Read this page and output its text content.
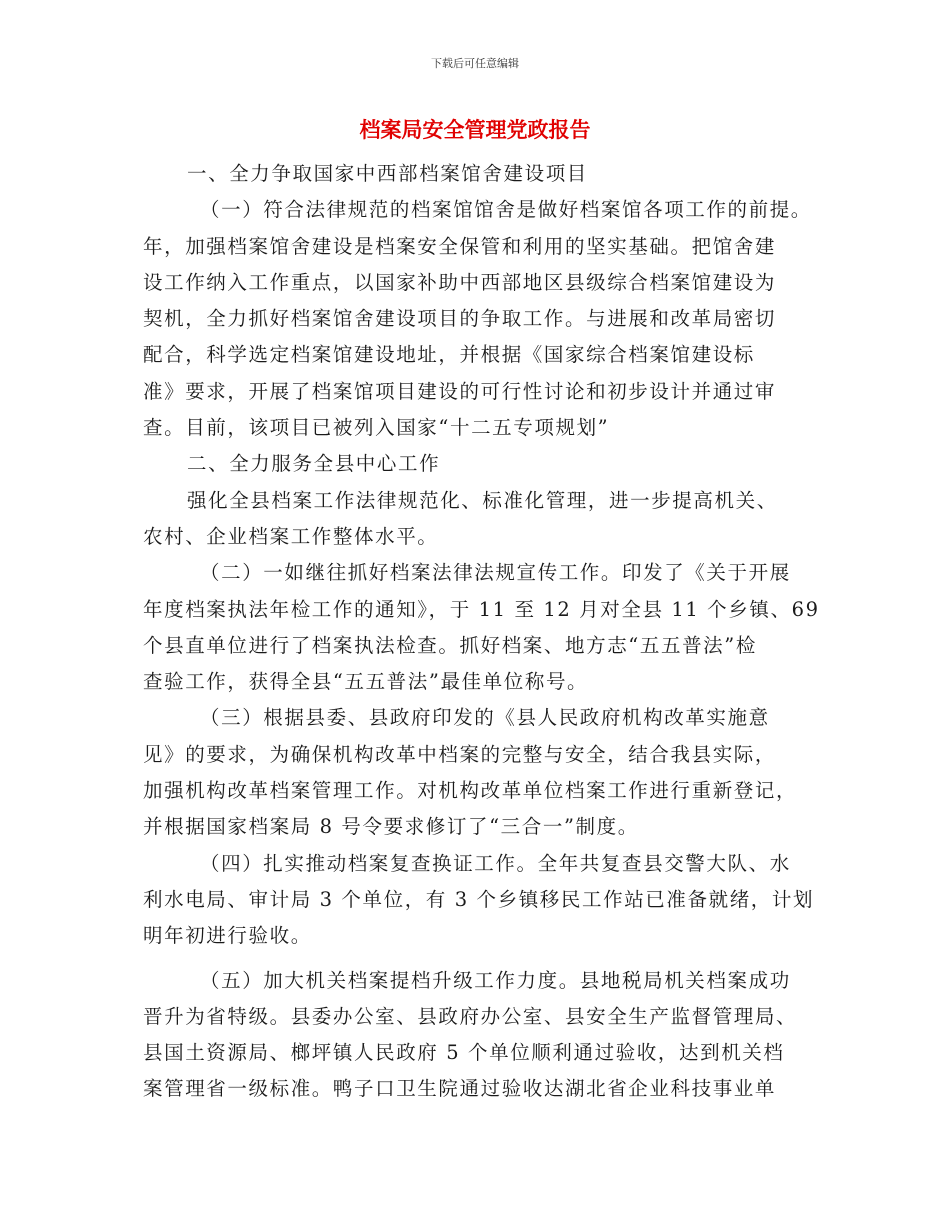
下载后可任意编辑
档案局安全管理党政报告
一、全力争取国家中西部档案馆舍建设项目
（一）符合法律规范的档案馆馆舍是做好档案馆各项工作的前提。
年，加强档案馆舍建设是档案安全保管和利用的坚实基础。把馆舍建
设工作纳入工作重点，以国家补助中西部地区县级综合档案馆建设为
契机，全力抓好档案馆舍建设项目的争取工作。与进展和改革局密切
配合，科学选定档案馆建设地址，并根据《国家综合档案馆建设标
准》要求，开展了档案馆项目建设的可行性讨论和初步设计并通过审
查。目前，该项目已被列入国家“十二五专项规划”
二、全力服务全县中心工作
强化全县档案工作法律规范化、标准化管理，进一步提高机关、
农村、企业档案工作整体水平。
（二）一如继往抓好档案法律法规宣传工作。印发了《关于开展
年度档案执法年检工作的通知》，于 11 至 12 月对全县 11 个乡镇、69
个县直单位进行了档案执法检查。抓好档案、地方志“五五普法”检
查验工作，获得全县“五五普法”最佳单位称号。
（三）根据县委、县政府印发的《县人民政府机构改革实施意
见》的要求，为确保机构改革中档案的完整与安全，结合我县实际，
加强机构改革档案管理工作。对机构改革单位档案工作进行重新登记，
并根据国家档案局 8 号令要求修订了“三合一”制度。
（四）扎实推动档案复查换证工作。全年共复查县交警大队、水
利水电局、审计局 3 个单位，有 3 个乡镇移民工作站已准备就绪，计划
明年初进行验收。
（五）加大机关档案提档升级工作力度。县地税局机关档案成功
晋升为省特级。县委办公室、县政府办公室、县安全生产监督管理局、
县国土资源局、榔坪镇人民政府 5 个单位顺利通过验收，达到机关档
案管理省一级标准。鸭子口卫生院通过验收达湖北省企业科技事业单
